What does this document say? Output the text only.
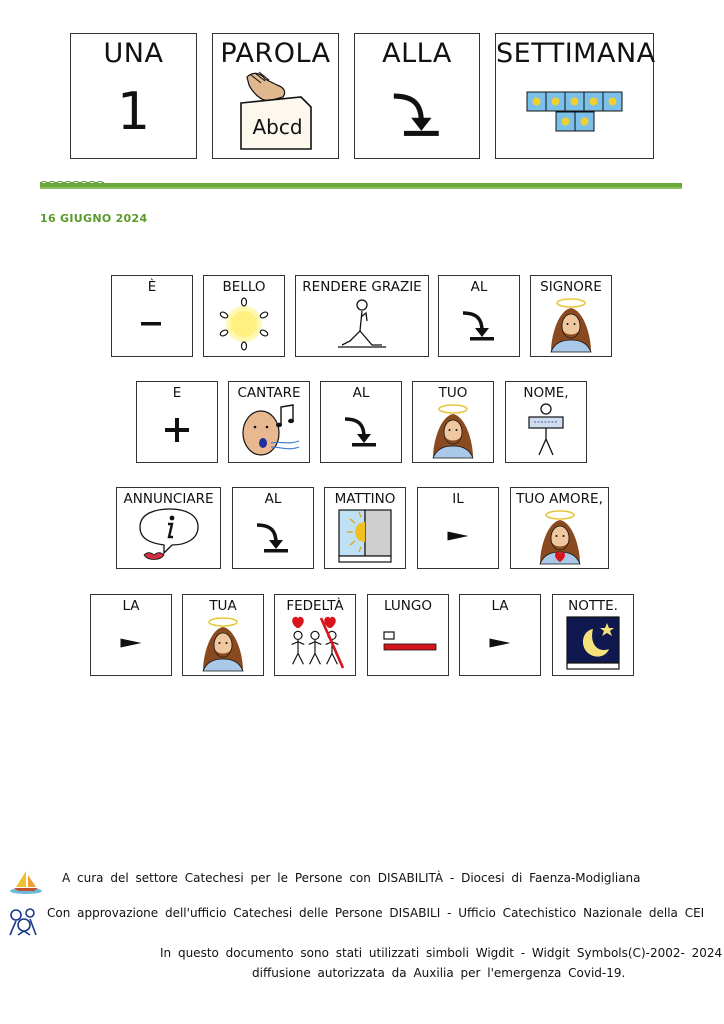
UNA
1
PAROLA
Abcd
ALLA	SETTIMANA
16 GIUGNO 2024
È	BELLO	RENDERE GRAZIE	AL	SIGNORE
E	CANTARE	AL	TUO	NOME,
ANNUNCIARE	AL	MATTINO	IL	TUO AMORE,
LA	TUA	FEDELTÀ	LUNGO	LA	NOTTE.
A cura del settore Catechesi per le Persone con DISABILITÀ - Diocesi di Faenza-Modigliana
Con approvazione dell'ufficio Catechesi delle Persone DISABILI - Ufficio Catechistico Nazionale della CEI
In questo documento sono stati utilizzati simboli Wigdit - Widgit Symbols(C)-2002- 2024
diffusione autorizzata da Auxilia per l'emergenza Covid-19.
